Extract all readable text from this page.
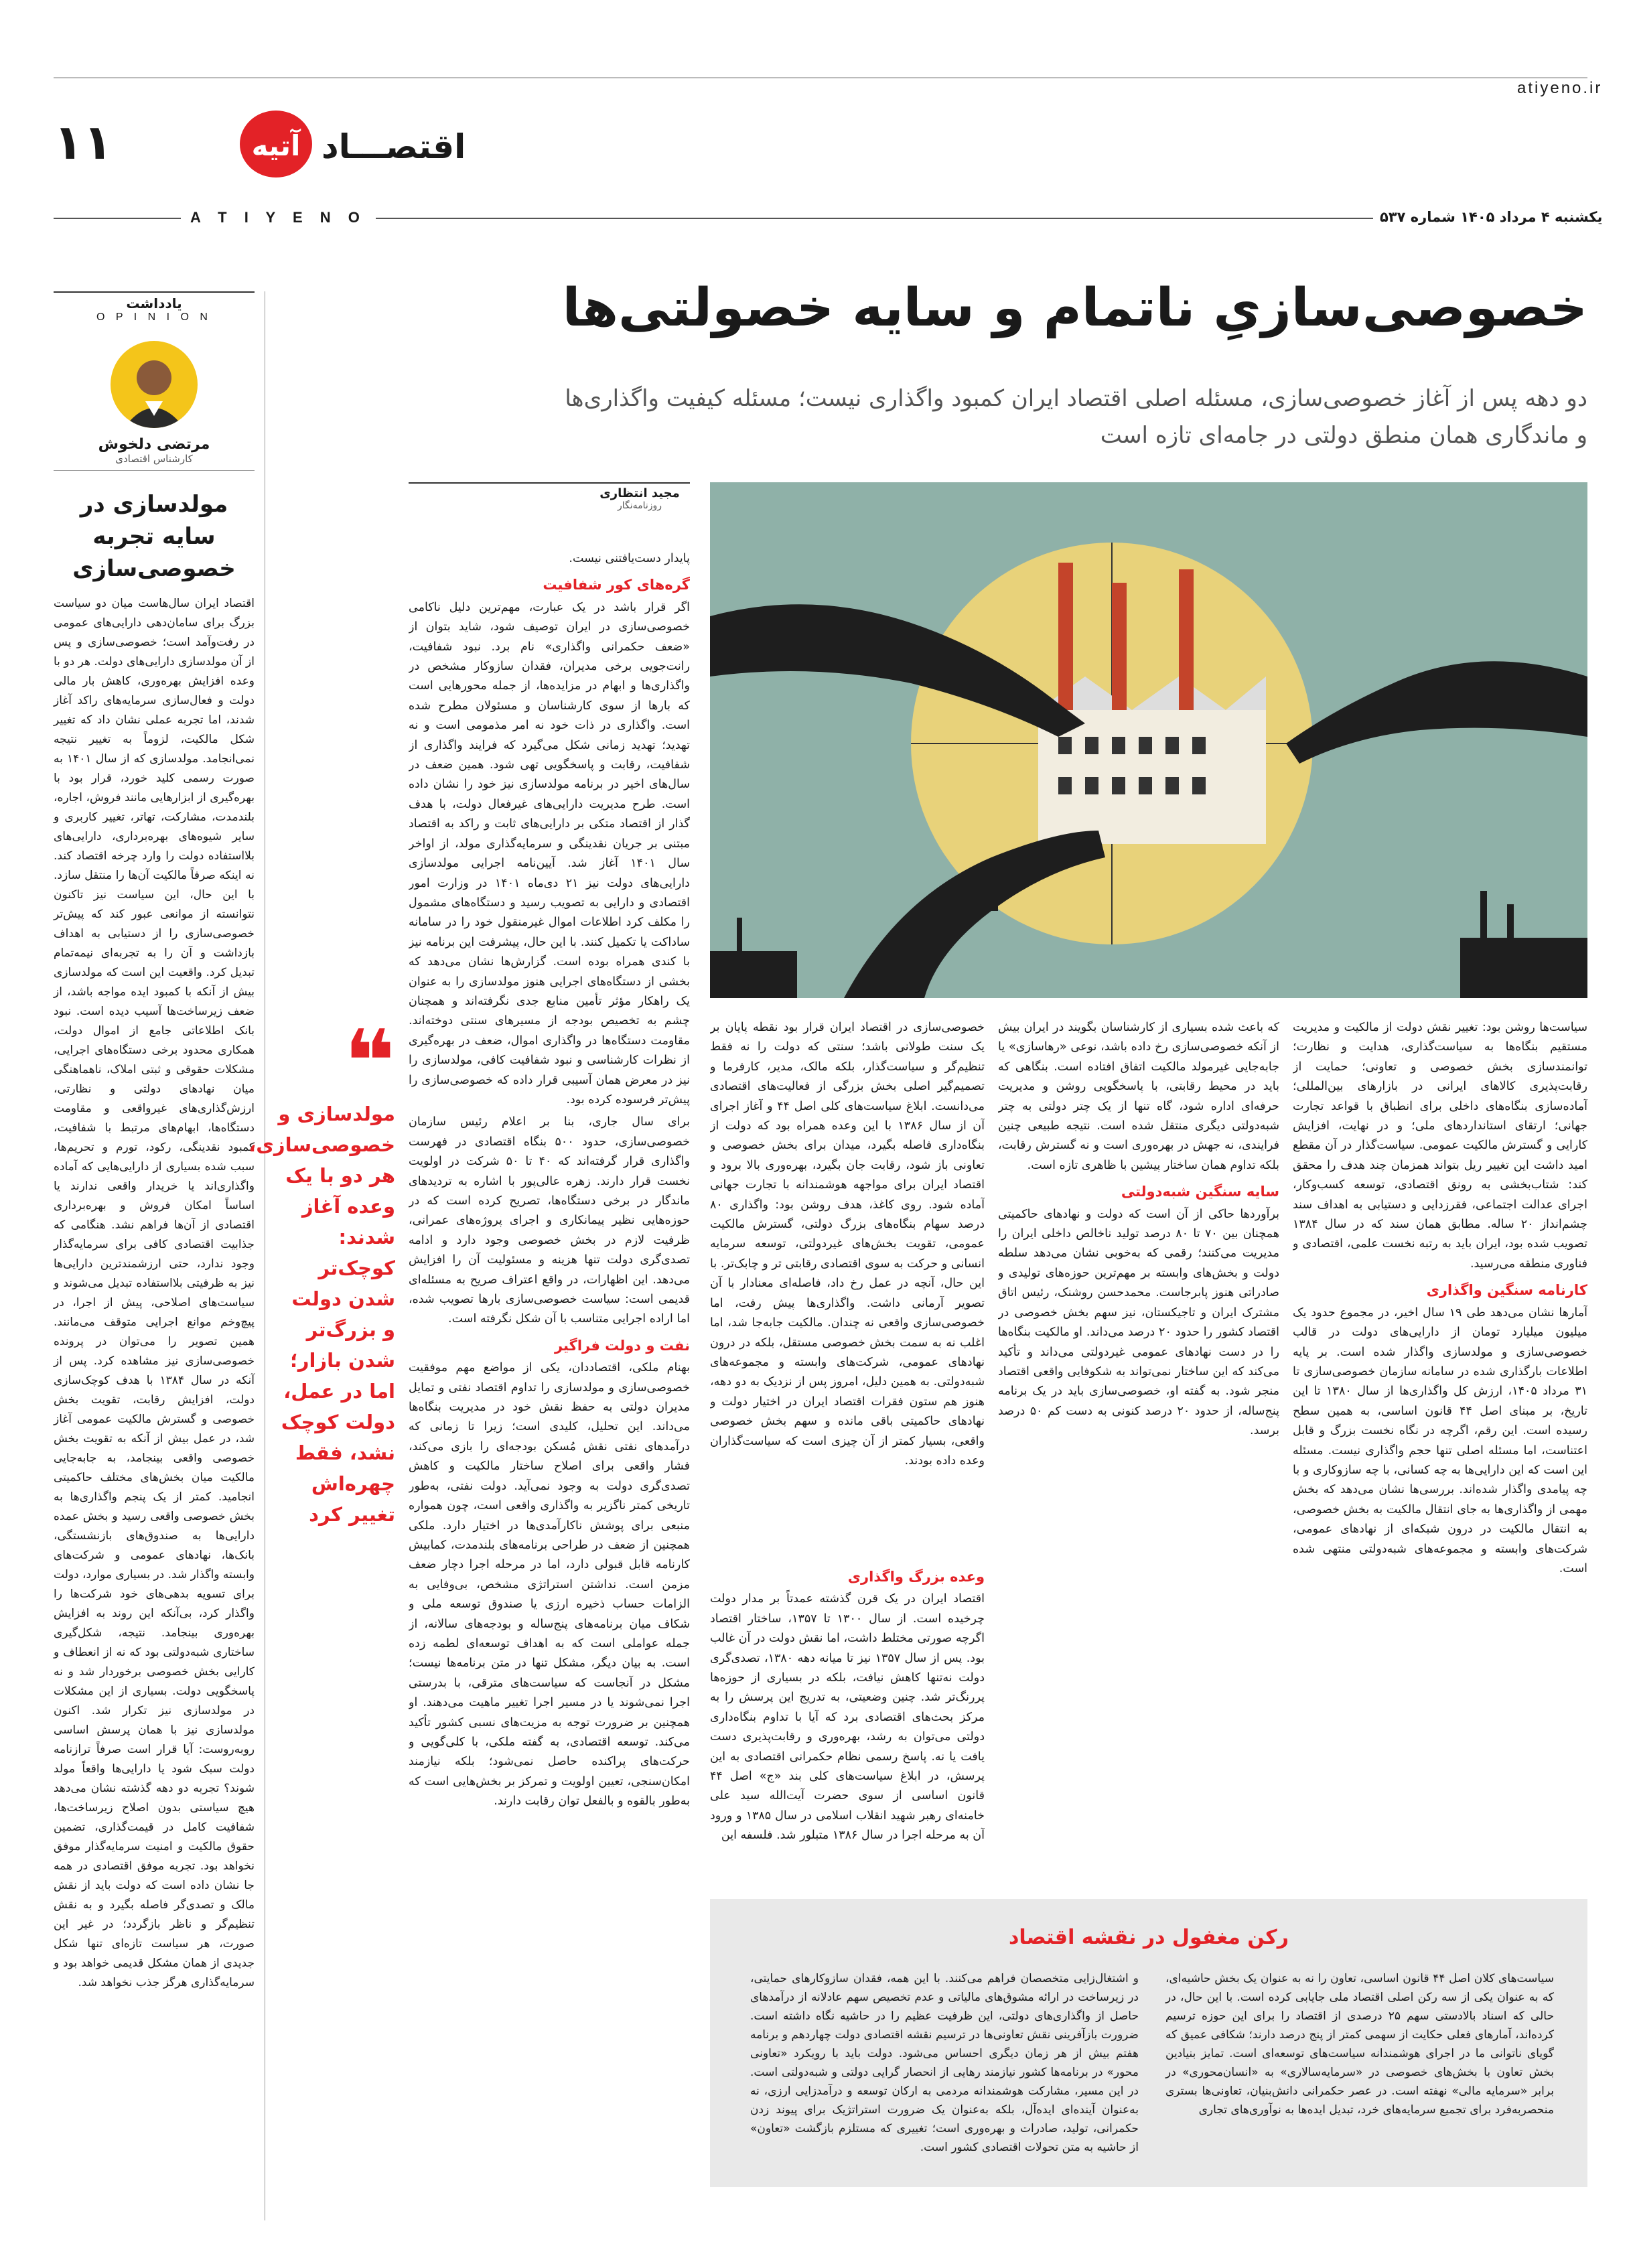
atiyeno.ir
۱۱	اقتصـــاد
آتیه
A T I Y E N O	یکشنبه ۴ مرداد ۱۴۰۵ شماره ۵۳۷
یادداشت
O P I N I O N
مرتضی دلخوش
کارشناس اقتصادی
مولدسازی در سایه تجربه خصوصی‌سازی
اقتصاد ایران سال‌هاست میان دو سیاست بزرگ برای سامان‌دهی دارایی‌های عمومی در رفت‌وآمد است؛ خصوصی‌سازی و پس از آن مولدسازی دارایی‌های دولت. هر دو با وعده افزایش بهره‌وری، کاهش بار مالی دولت و فعال‌سازی سرمایه‌های راکد آغاز شدند، اما تجربه عملی نشان داد که تغییر شکل مالکیت، لزوماً به تغییر نتیجه نمی‌انجامد. مولدسازی که از سال ۱۴۰۱ به صورت رسمی کلید خورد، قرار بود با بهره‌گیری از ابزارهایی مانند فروش، اجاره، بلندمدت، مشارکت، تهاتر، تغییر کاربری و سایر شیوه‌های بهره‌برداری، دارایی‌های بلااستفاده دولت را وارد چرخه اقتصاد کند. نه اینکه صرفاً مالکیت آن‌ها را منتقل سازد. با این حال، این سیاست نیز تاکنون نتوانسته از موانعی عبور کند که پیش‌تر خصوصی‌سازی را از دستیابی به اهداف بازداشت و آن را به تجربه‌ای نیمه‌تمام تبدیل کرد. واقعیت این است که مولدسازی بیش از آنکه با کمبود ایده مواجه باشد، از ضعف زیرساخت‌ها آسیب دیده است. نبود بانک اطلاعاتی جامع از اموال دولت، همکاری محدود برخی دستگاه‌های اجرایی، مشکلات حقوقی و ثبتی املاک، ناهماهنگی میان نهادهای دولتی و نظارتی، ارزش‌گذاری‌های غیرواقعی و مقاومت دستگاه‌ها، ابهام‌های مرتبط با شفافیت، کمبود نقدینگی، رکود، تورم و تحریم‌ها، سبب شده بسیاری از دارایی‌هایی که آماده واگذاری‌اند یا خریدار واقعی ندارند یا اساساً امکان فروش و بهره‌برداری اقتصادی از آن‌ها فراهم نشد. هنگامی که جذابیت اقتصادی کافی برای سرمایه‌گذار وجود ندارد، حتی ارزشمندترین دارایی‌ها نیز به ظرفیتی بلااستفاده تبدیل می‌شوند و سیاست‌های اصلاحی، پیش از اجرا، در پیچ‌وخم موانع اجرایی متوقف می‌مانند. همین تصویر را می‌توان در پرونده خصوصی‌سازی نیز مشاهده کرد. پس از آنکه در سال ۱۳۸۴ با هدف کوچک‌سازی دولت، افزایش رقابت، تقویت بخش خصوصی و گسترش مالکیت عمومی آغاز شد، در عمل بیش از آنکه به تقویت بخش خصوصی واقعی بینجامد، به جابه‌جایی مالکیت میان بخش‌های مختلف حاکمیتی انجامید. کمتر از یک پنجم واگذاری‌ها به بخش خصوصی واقعی رسید و بخش عمده دارایی‌ها به صندوق‌های بازنشستگی، بانک‌ها، نهادهای عمومی و شرکت‌های وابسته واگذار شد. در بسیاری موارد، دولت برای تسویه بدهی‌های خود شرکت‌ها را واگذار کرد، بی‌آنکه این روند به افزایش بهره‌وری بینجامد. نتیجه، شکل‌گیری ساختاری شبه‌دولتی بود که نه از انعطاف و کارایی بخش خصوصی برخوردار شد و نه پاسخگویی دولت. بسیاری از این مشکلات در مولدسازی نیز تکرار شد. اکنون مولدسازی نیز با همان پرسش اساسی روبه‌روست: آیا قرار است صرفاً ترازنامه دولت سبک شود یا دارایی‌ها واقعاً مولد شوند؟ تجربه دو دهه گذشته نشان می‌دهد هیچ سیاستی بدون اصلاح زیرساخت‌ها، شفافیت کامل در قیمت‌گذاری، تضمین حقوق مالکیت و امنیت سرمایه‌گذار موفق نخواهد بود. تجربه موفق اقتصادی در همه جا نشان داده است که دولت باید از نقش مالک و تصدی‌گر فاصله بگیرد و به نقش تنظیم‌گر و ناظر بازگردد؛ در غیر این صورت، هر سیاست تازه‌ای تنها شکل جدیدی از همان مشکل قدیمی خواهد بود و سرمایه‌گذاری هرگز جذب نخواهد شد.
خصوصی‌سازیِ ناتمام و سایه خصولتی‌ها
دو دهه پس از آغاز خصوصی‌سازی، مسئله اصلی اقتصاد ایران کمبود واگذاری نیست؛ مسئله کیفیت واگذاری‌ها
و ماندگاری همان منطق دولتی در جامه‌ای تازه است
❝
مولدسازی و خصوصی‌سازی، هر دو با یک وعده آغاز شدند: کوچک‌تر شدن دولت و بزرگ‌تر شدن بازار؛ اما در عمل، دولت کوچک نشد، فقط چهره‌اش تغییر کرد
مجید انتظاری
روزنامه‌نگار
پایدار دست‌یافتنی نیست.
گره‌های کور شفافیت
اگر قرار باشد در یک عبارت، مهم‌ترین دلیل ناکامی خصوصی‌سازی در ایران توصیف شود، شاید بتوان از «ضعف حکمرانی واگذاری» نام برد. نبود شفافیت، رانت‌جویی برخی مدیران، فقدان سازوکار مشخص در واگذاری‌ها و ابهام در مزایده‌ها، از جمله محورهایی است که بارها از سوی کارشناسان و مسئولان مطرح شده است. واگذاری در ذات خود نه امر مذمومی است و نه تهدید؛ تهدید زمانی شکل می‌گیرد که فرایند واگذاری از شفافیت، رقابت و پاسخگویی تهی شود. همین ضعف در سال‌های اخیر در برنامه مولدسازی نیز خود را نشان داده است. طرح مدیریت دارایی‌های غیرفعال دولت، با هدف گذار از اقتصاد متکی بر دارایی‌های ثابت و راکد به اقتصاد مبتنی بر جریان نقدینگی و سرمایه‌گذاری مولد، از اواخر سال ۱۴۰۱ آغاز شد. آیین‌نامه اجرایی مولدسازی دارایی‌های دولت نیز ۲۱ دی‌ماه ۱۴۰۱ در وزارت امور اقتصادی و دارایی به تصویب رسید و دستگاه‌های مشمول را مکلف کرد اطلاعات اموال غیرمنقول خود را در سامانه ساداکت یا تکمیل کنند. با این حال، پیشرفت این برنامه نیز با کندی همراه بوده است. گزارش‌ها نشان می‌دهد که بخشی از دستگاه‌های اجرایی هنوز مولدسازی را به عنوان یک راهکار مؤثر تأمین منابع جدی نگرفته‌اند و همچنان چشم به تخصیص بودجه از مسیرهای سنتی دوخته‌اند. مقاومت دستگاه‌ها در واگذاری اموال، ضعف در بهره‌گیری از نظرات کارشناسی و نبود شفافیت کافی، مولدسازی را نیز در معرض همان آسیبی قرار داده که خصوصی‌سازی را پیش‌تر فرسوده کرده بود.
برای سال جاری، بنا بر اعلام رئیس سازمان خصوصی‌سازی، حدود ۵۰۰ بنگاه اقتصادی در فهرست واگذاری قرار گرفته‌اند که ۴۰ تا ۵۰ شرکت در اولویت نخست قرار دارند. زهره عالی‌پور با اشاره به تردیدهای ماندگار در برخی دستگاه‌ها، تصریح کرده است که در حوزه‌هایی نظیر پیمانکاری و اجرای پروژه‌های عمرانی، ظرفیت لازم در بخش خصوصی وجود دارد و ادامه تصدی‌گری دولت تنها هزینه و مسئولیت آن را افزایش می‌دهد. این اظهارات، در واقع اعتراف صریح به مسئله‌ای قدیمی است: سیاست خصوصی‌سازی بارها تصویب شده، اما اراده اجرایی متناسب با آن شکل نگرفته است.
نفت و دولت فراگیر
بهنام ملکی، اقتصاددان، یکی از مواضع مهم موفقیت خصوصی‌سازی و مولدسازی را تداوم اقتصاد نفتی و تمایل مدیران دولتی به حفظ نقش خود در مدیریت بنگاه‌ها می‌داند. این تحلیل، کلیدی است؛ زیرا تا زمانی که درآمدهای نفتی نقش مُسکن بودجه‌ای را بازی می‌کند، فشار واقعی برای اصلاح ساختار مالکیت و کاهش تصدی‌گری دولت به وجود نمی‌آید. دولت نفتی، به‌طور تاریخی کمتر ناگزیر به واگذاری واقعی است، چون همواره منبعی برای پوشش ناکارآمدی‌ها در اختیار دارد. ملکی همچنین از ضعف در طراحی برنامه‌های بلندمدت، کمابیش کارنامه قابل قبولی دارد، اما در مرحله اجرا دچار ضعف مزمن است. نداشتن استراتژی مشخص، بی‌وفایی به الزامات حساب ذخیره ارزی یا صندوق توسعه ملی و شکاف میان برنامه‌های پنج‌ساله و بودجه‌های سالانه، از جمله عواملی است که به اهداف توسعه‌ای لطمه زده است. به بیان دیگر، مشکل تنها در متن برنامه‌ها نیست؛ مشکل در آنجاست که سیاست‌های مترقی، با بدرستی اجرا نمی‌شوند یا در مسیر اجرا تغییر ماهیت می‌دهند. او همچنین بر ضرورت توجه به مزیت‌های نسبی کشور تأکید می‌کند. توسعه اقتصادی، به گفته ملکی، با کلی‌گویی و حرکت‌های پراکنده حاصل نمی‌شود؛ بلکه نیازمند امکان‌سنجی، تعیین اولویت و تمرکز بر بخش‌هایی است که به‌طور بالقوه و بالفعل توان رقابت دارند.
که باعث شده بسیاری از کارشناسان بگویند در ایران بیش از آنکه خصوصی‌سازی رخ داده باشد، نوعی «رهاسازی» یا جابه‌جایی غیرمولد مالکیت اتفاق افتاده است. بنگاهی که باید در محیط رقابتی، با پاسخگویی روشن و مدیریت حرفه‌ای اداره شود، گاه تنها از یک چتر دولتی به چتر شبه‌دولتی دیگری منتقل شده است. نتیجه طبیعی چنین فرایندی، نه جهش در بهره‌وری است و نه گسترش رقابت، بلکه تداوم همان ساختار پیشین با ظاهری تازه است.
سایه سنگین شبه‌دولتی
برآوردها حاکی از آن است که دولت و نهادهای حاکمیتی همچنان بین ۷۰ تا ۸۰ درصد تولید ناخالص داخلی ایران را مدیریت می‌کنند؛ رقمی که به‌خوبی نشان می‌دهد سلطه دولت و بخش‌های وابسته بر مهم‌ترین حوزه‌های تولیدی و صادراتی هنوز پابرجاست. محمدحسن روشنک، رئیس اتاق مشترک ایران و تاجیکستان، نیز سهم بخش خصوصی در اقتصاد کشور را حدود ۲۰ درصد می‌داند. او مالکیت بنگاه‌ها را در دست نهادهای عمومی غیردولتی می‌داند و تأکید می‌کند که این ساختار نمی‌تواند به شکوفایی واقعی اقتصاد منجر شود. به گفته او، خصوصی‌سازی باید در یک برنامه پنج‌ساله، از حدود ۲۰ درصد کنونی به دست کم ۵۰ درصد برسد.
سیاست‌ها روشن بود: تغییر نقش دولت از مالکیت و مدیریت مستقیم بنگاه‌ها به سیاست‌گذاری، هدایت و نظارت؛ توانمندسازی بخش خصوصی و تعاونی؛ حمایت از رقابت‌پذیری کالاهای ایرانی در بازارهای بین‌المللی؛ آماده‌سازی بنگاه‌های داخلی برای انطباق با قواعد تجارت جهانی؛ ارتقای استانداردهای ملی؛ و در نهایت، افزایش کارایی و گسترش مالکیت عمومی. سیاست‌گذار در آن مقطع امید داشت این تغییر ریل بتواند همزمان چند هدف را محقق کند: شتاب‌بخشی به رونق اقتصادی، توسعه کسب‌وکار، اجرای عدالت اجتماعی، فقرزدایی و دستیابی به اهداف سند چشم‌انداز ۲۰ ساله. مطابق همان سند که در سال ۱۳۸۴ تصویب شده بود، ایران باید به رتبه نخست علمی، اقتصادی و فناوری منطقه می‌رسید.
کارنامه سنگین واگذاری
آمارها نشان می‌دهد طی ۱۹ سال اخیر، در مجموع حدود یک میلیون میلیارد تومان از دارایی‌های دولت در قالب خصوصی‌سازی و مولدسازی واگذار شده است. بر پایه اطلاعات بارگذاری شده در سامانه سازمان خصوصی‌سازی تا ۳۱ مرداد ۱۴۰۵، ارزش کل واگذاری‌ها از سال ۱۳۸۰ تا این تاریخ، بر مبنای اصل ۴۴ قانون اساسی، به همین سطح رسیده است. این رقم، اگرچه در نگاه نخست بزرگ و قابل اعتناست، اما مسئله اصلی تنها حجم واگذاری نیست. مسئله این است که این دارایی‌ها به چه کسانی، با چه سازوکاری و با چه پیامدی واگذار شده‌اند. بررسی‌ها نشان می‌دهد که بخش مهمی از واگذاری‌ها به جای انتقال مالکیت به بخش خصوصی، به انتقال مالکیت در درون شبکه‌ای از نهادهای عمومی، شرکت‌های وابسته و مجموعه‌های شبه‌دولتی منتهی شده است.
رکن مغفول در نقشه اقتصاد
سیاست‌های کلان اصل ۴۴ قانون اساسی، تعاون را نه به عنوان یک بخش حاشیه‌ای، که به عنوان یکی از سه رکن اصلی اقتصاد ملی جایابی کرده است. با این حال، در حالی که اسناد بالادستی سهم ۲۵ درصدی از اقتصاد را برای این حوزه ترسیم کرده‌اند، آمارهای فعلی حکایت از سهمی کمتر از پنج درصد دارند؛ شکافی عمیق که گویای ناتوانی ما در اجرای هوشمندانه سیاست‌های توسعه‌ای است. تمایز بنیادین بخش تعاون با بخش‌های خصوصی در «سرمایه‌سالاری» به «انسان‌محوری» در برابر «سرمایه مالی» نهفته است. در عصر حکمرانی دانش‌بنیان، تعاونی‌ها بستری منحصربه‌فرد برای تجمیع سرمایه‌های خرد، تبدیل ایده‌ها به نوآوری‌های تجاری
و اشتغال‌زایی متخصصان فراهم می‌کنند. با این همه، فقدان سازوکارهای حمایتی، در زیرساخت در ارائه مشوق‌های مالیاتی و عدم تخصیص سهم عادلانه از درآمدهای حاصل از واگذاری‌های دولتی، این ظرفیت عظیم را در حاشیه نگاه داشته است. ضرورت بازآفرینی نقش تعاونی‌ها در ترسیم نقشه اقتصادی دولت چهاردهم و برنامه هفتم بیش از هر زمان دیگری احساس می‌شود. دولت باید با رویکرد «تعاونی محور» در برنامه‌ها کشور نیازمند رهایی از انحصار گرایی دولتی و شبه‌دولتی است. در این مسیر، مشارکت هوشمندانه مردمی به ارکان توسعه و درآمدزایی ارزی، نه به‌عنوان آینده‌ای ایده‌آل، بلکه به‌عنوان یک ضرورت استراتژیک برای پیوند زدن حکمرانی، تولید، صادرات و بهره‌وری است؛ تغییری که مستلزم بازگشت «تعاون» از حاشیه به متن تحولات اقتصادی کشور است.
وعده بزرگ واگذاری
اقتصاد ایران در یک قرن گذشته عمدتاً بر مدار دولت چرخیده است. از سال ۱۳۰۰ تا ۱۳۵۷، ساختار اقتصاد اگرچه صورتی مختلط داشت، اما نقش دولت در آن غالب بود. پس از سال ۱۳۵۷ نیز تا میانه دهه ۱۳۸۰، تصدی‌گری دولت نه‌تنها کاهش نیافت، بلکه در بسیاری از حوزه‌ها پررنگ‌تر شد. چنین وضعیتی، به تدریج این پرسش را به مرکز بحث‌های اقتصادی برد که آیا با تداوم بنگاه‌داری دولتی می‌توان به رشد، بهره‌وری و رقابت‌پذیری دست یافت یا نه. پاسخ رسمی نظام حکمرانی اقتصادی به این پرسش، در ابلاغ سیاست‌های کلی بند «ج» اصل ۴۴ قانون اساسی از سوی حضرت آیت‌الله سید علی خامنه‌ای رهبر شهید انقلاب اسلامی در سال ۱۳۸۵ و ورود آن به مرحله اجرا در سال ۱۳۸۶ متبلور شد. فلسفه این
خصوصی‌سازی در اقتصاد ایران قرار بود نقطه پایان بر یک سنت طولانی باشد؛ سنتی که دولت را نه فقط تنظیم‌گر و سیاست‌گذار، بلکه مالک، مدیر، کارفرما و تصمیم‌گیر اصلی بخش بزرگی از فعالیت‌های اقتصادی می‌دانست. ابلاغ سیاست‌های کلی اصل ۴۴ و آغاز اجرای آن از سال ۱۳۸۶ با این وعده همراه بود که دولت از بنگاه‌داری فاصله بگیرد، میدان برای بخش خصوصی و تعاونی باز شود، رقابت جان بگیرد، بهره‌وری بالا برود و اقتصاد ایران برای مواجهه هوشمندانه با تجارت جهانی آماده شود. روی کاغذ، هدف روشن بود: واگذاری ۸۰ درصد سهام بنگاه‌های بزرگ دولتی، گسترش مالکیت عمومی، تقویت بخش‌های غیردولتی، توسعه سرمایه انسانی و حرکت به سوی اقتصادی رقابتی تر و چابک‌تر. با این حال، آنچه در عمل رخ داد، فاصله‌ای معنادار با آن تصویر آرمانی داشت. واگذاری‌ها پیش رفت، اما خصوصی‌سازی واقعی نه چندان. مالکیت جابه‌جا شد، اما اغلب نه به سمت بخش خصوصی مستقل، بلکه در درون نهادهای عمومی، شرکت‌های وابسته و مجموعه‌های شبه‌دولتی. به همین دلیل، امروز پس از نزدیک به دو دهه، هنوز هم ستون فقرات اقتصاد ایران در اختیار دولت و نهادهای حاکمیتی باقی مانده و سهم بخش خصوصی واقعی، بسیار کمتر از آن چیزی است که سیاست‌گذاران وعده داده بودند.
